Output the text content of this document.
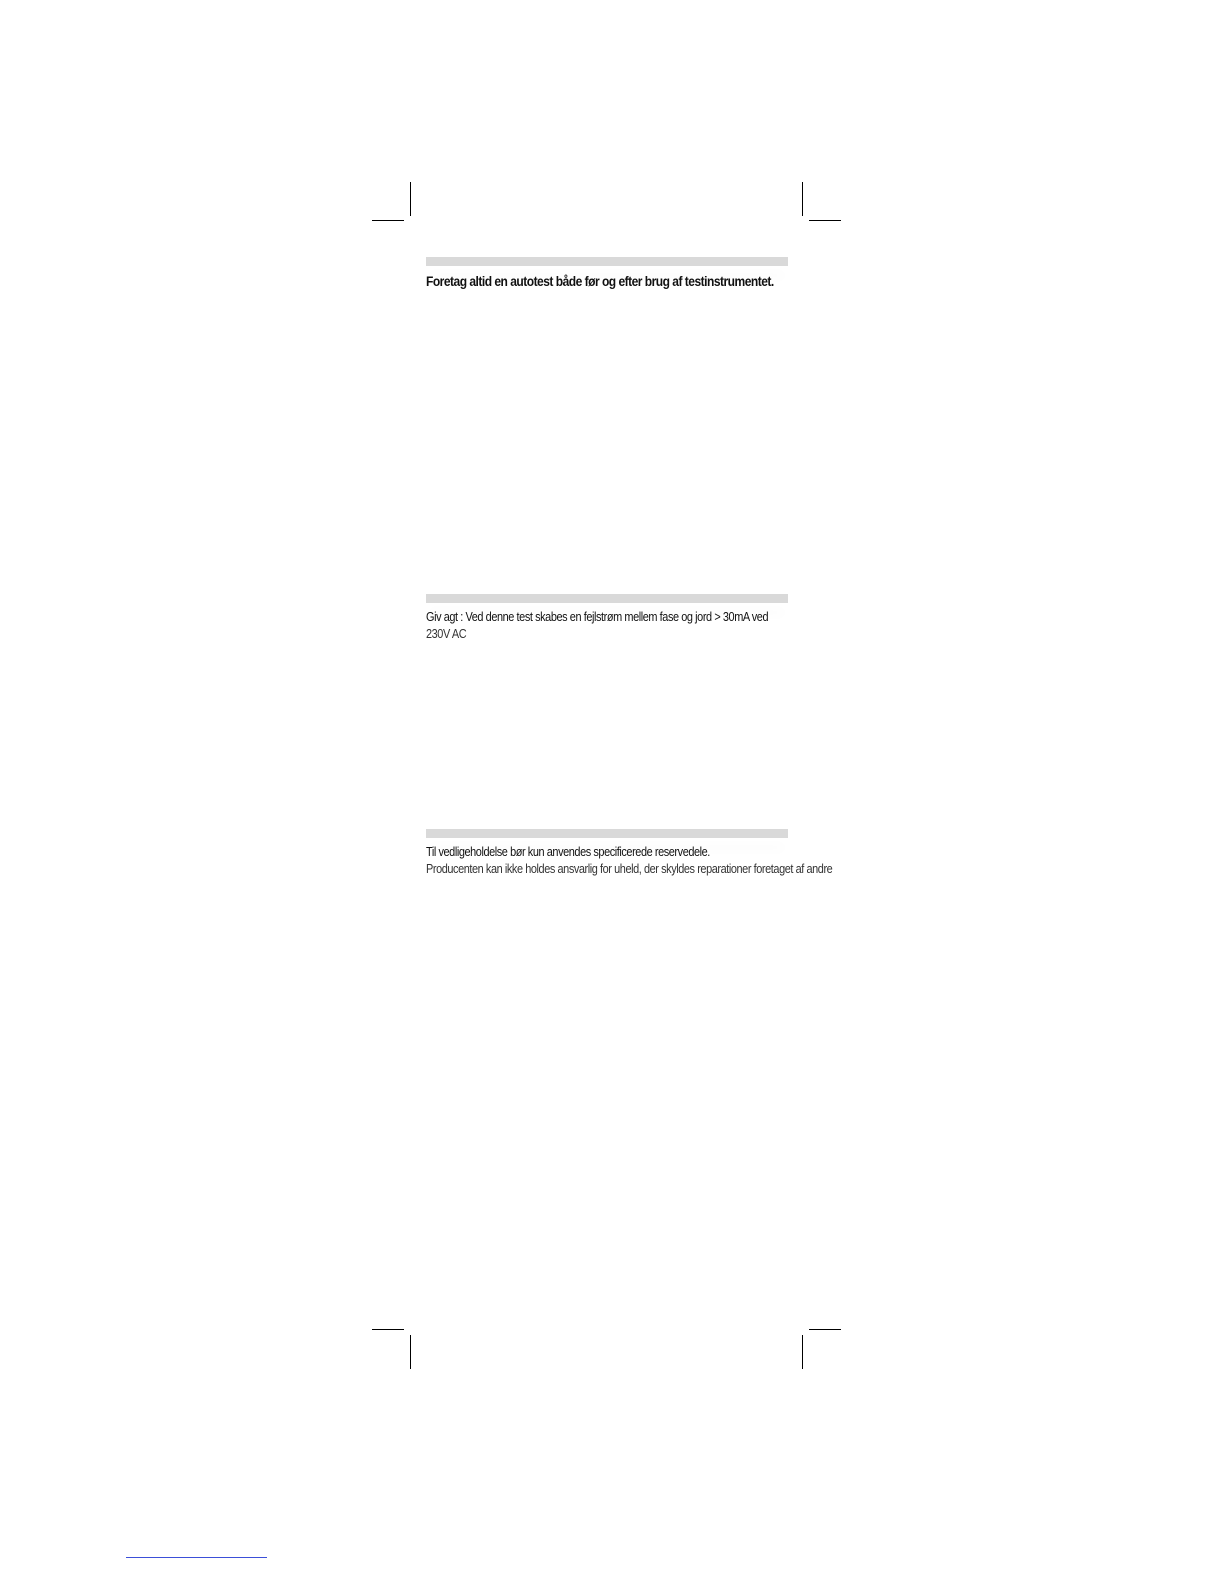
Foretag altid en autotest både før og efter brug af testinstrumentet.
Giv agt : Ved denne test skabes en fejlstrøm mellem fase og jord > 30mA ved
230V AC
Til vedligeholdelse bør kun anvendes specificerede reservedele.
Producenten kan ikke holdes ansvarlig for uheld, der skyldes reparationer foretaget af andre
